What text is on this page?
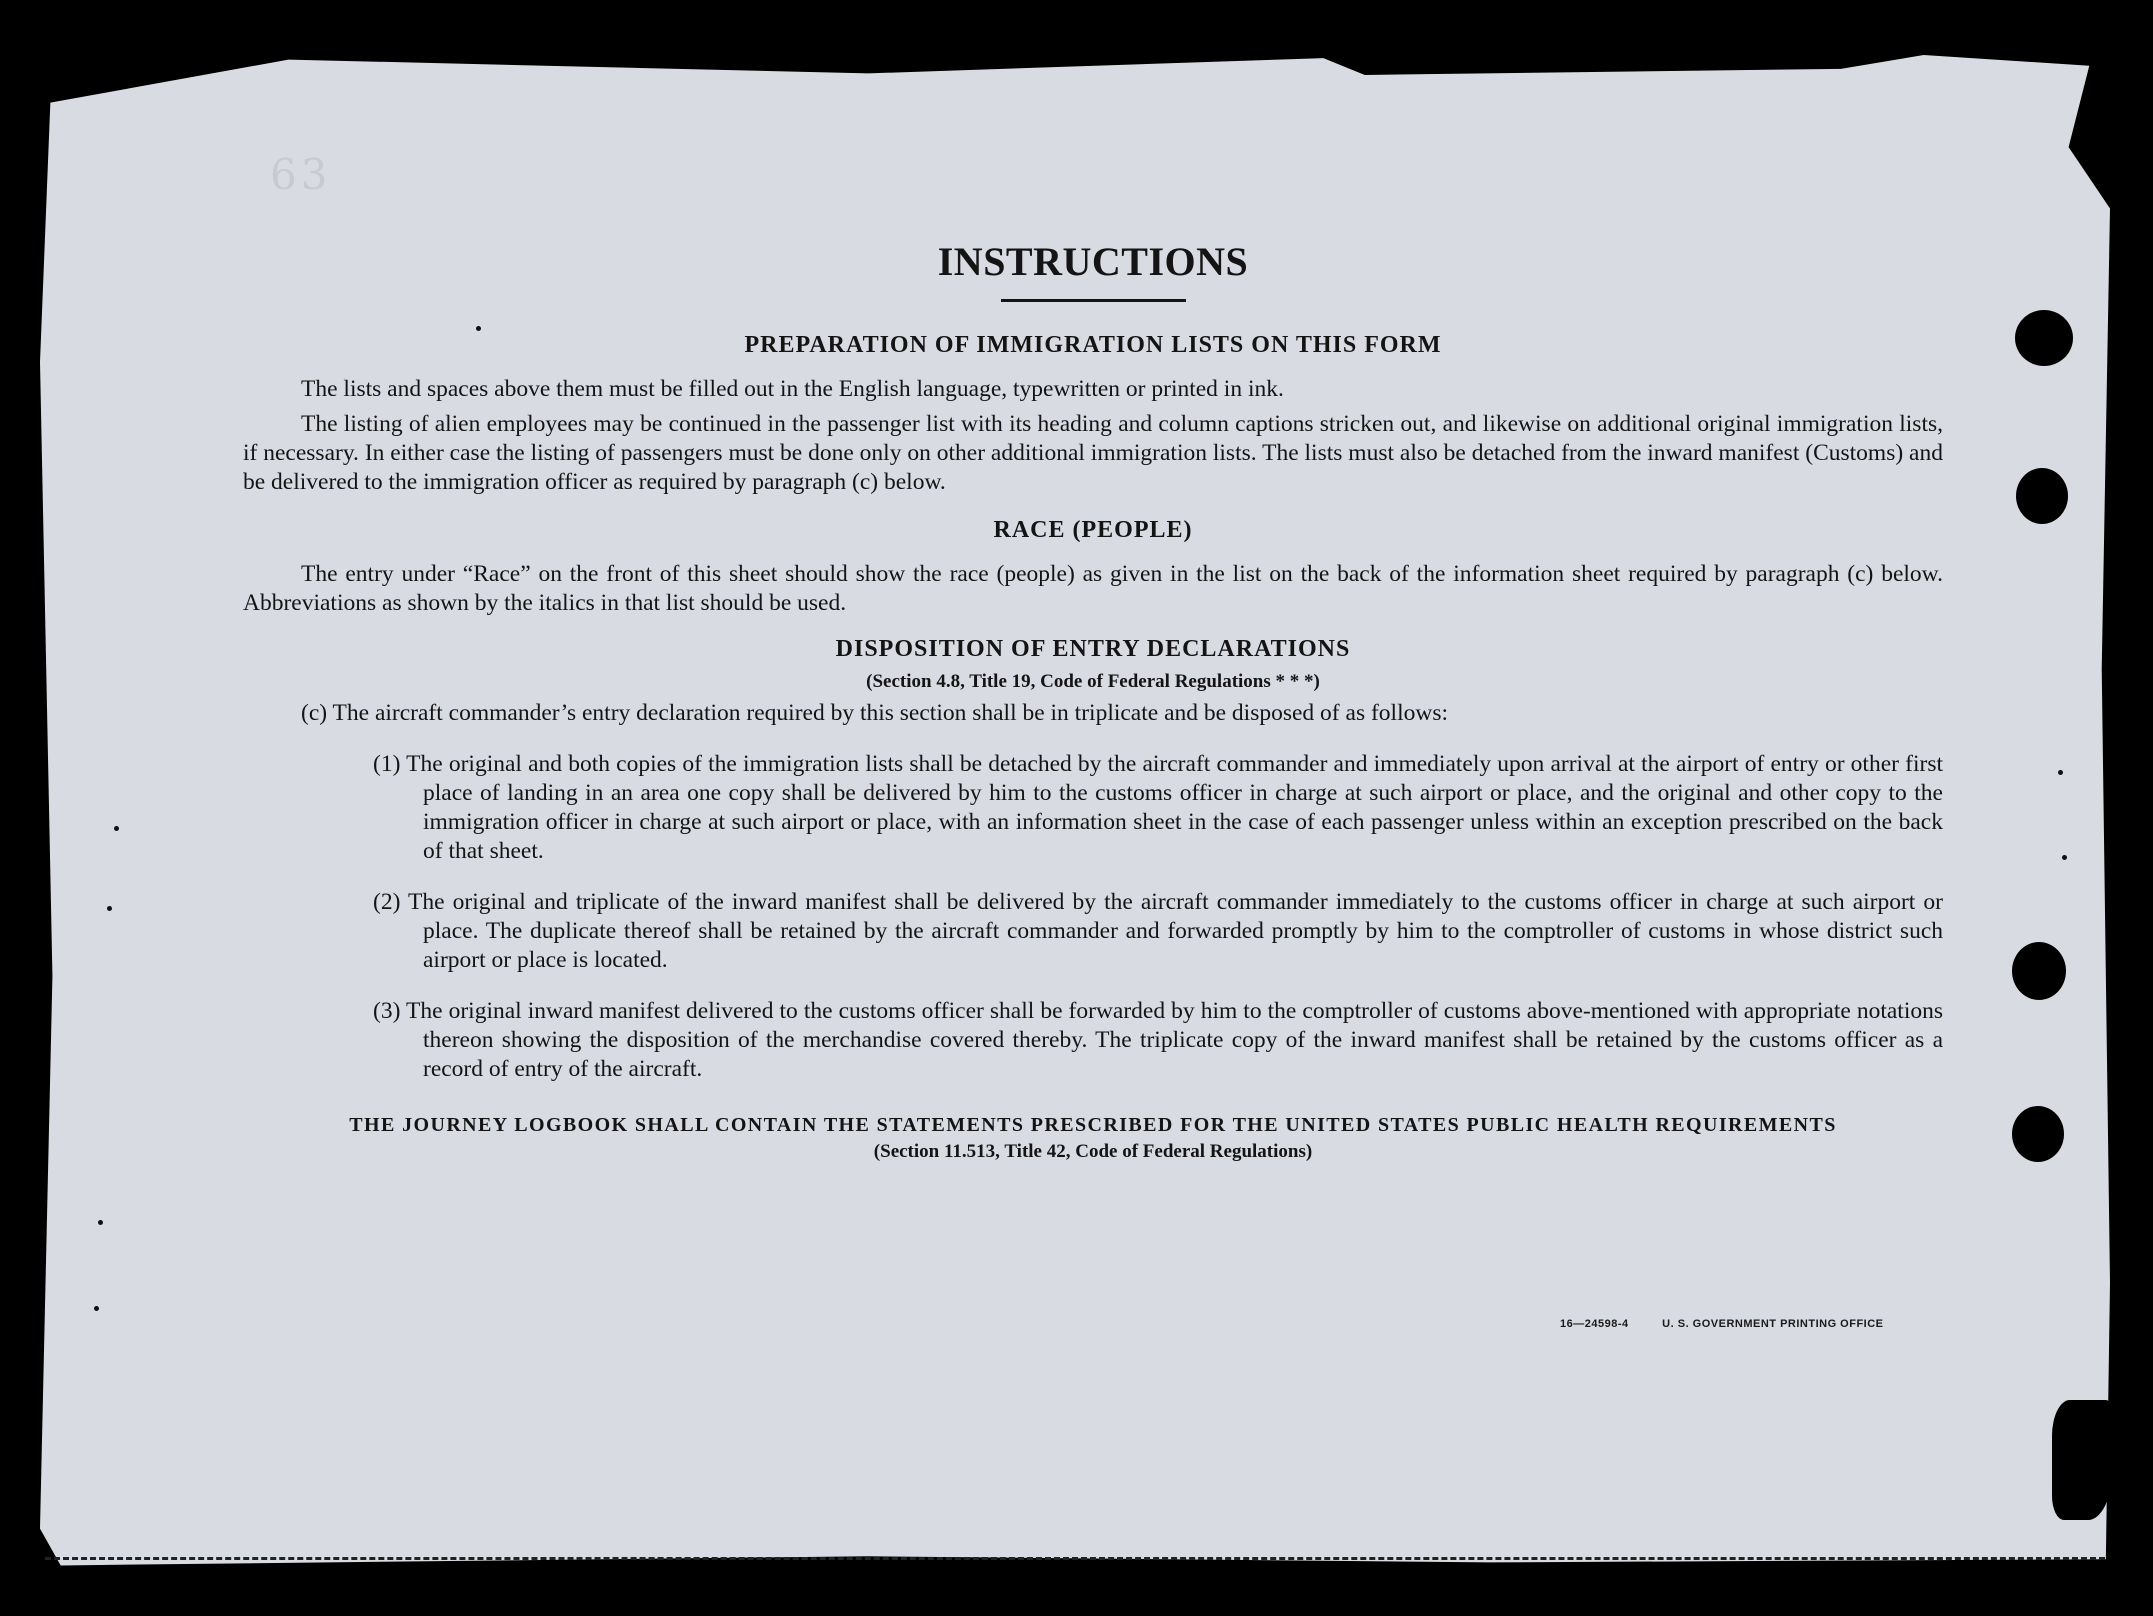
63
INSTRUCTIONS
PREPARATION OF IMMIGRATION LISTS ON THIS FORM

The lists and spaces above them must be filled out in the English language, typewritten or printed in ink.

The listing of alien employees may be continued in the passenger list with its heading and column captions stricken out, and likewise on additional original immigration lists, if necessary. In either case the listing of passengers must be done only on other additional immigration lists. The lists must also be detached from the inward manifest (Customs) and be delivered to the immigration officer as required by paragraph (c) below.

RACE (PEOPLE)

The entry under “Race” on the front of this sheet should show the race (people) as given in the list on the back of the information sheet required by paragraph (c) below. Abbreviations as shown by the italics in that list should be used.

DISPOSITION OF ENTRY DECLARATIONS

(Section 4.8, Title 19, Code of Federal Regulations * * *)

(c) The aircraft commander’s entry declaration required by this section shall be in triplicate and be disposed of as follows:

(1) The original and both copies of the immigration lists shall be detached by the aircraft commander and immediately upon arrival at the airport of entry or other first place of landing in an area one copy shall be delivered by him to the customs officer in charge at such airport or place, and the original and other copy to the immigration officer in charge at such airport or place, with an information sheet in the case of each passenger unless within an exception prescribed on the back of that sheet.

(2) The original and triplicate of the inward manifest shall be delivered by the aircraft commander immediately to the customs officer in charge at such airport or place. The duplicate thereof shall be retained by the aircraft commander and forwarded promptly by him to the comptroller of customs in whose district such airport or place is located.

(3) The original inward manifest delivered to the customs officer shall be forwarded by him to the comptroller of customs above-mentioned with appropriate notations thereon showing the disposition of the merchandise covered thereby. The triplicate copy of the inward manifest shall be retained by the customs officer as a record of entry of the aircraft.

THE JOURNEY LOGBOOK SHALL CONTAIN THE STATEMENTS PRESCRIBED FOR THE UNITED STATES PUBLIC HEALTH REQUIREMENTS

(Section 11.513, Title 42, Code of Federal Regulations)

16—24598-4	U. S. GOVERNMENT PRINTING OFFICE
